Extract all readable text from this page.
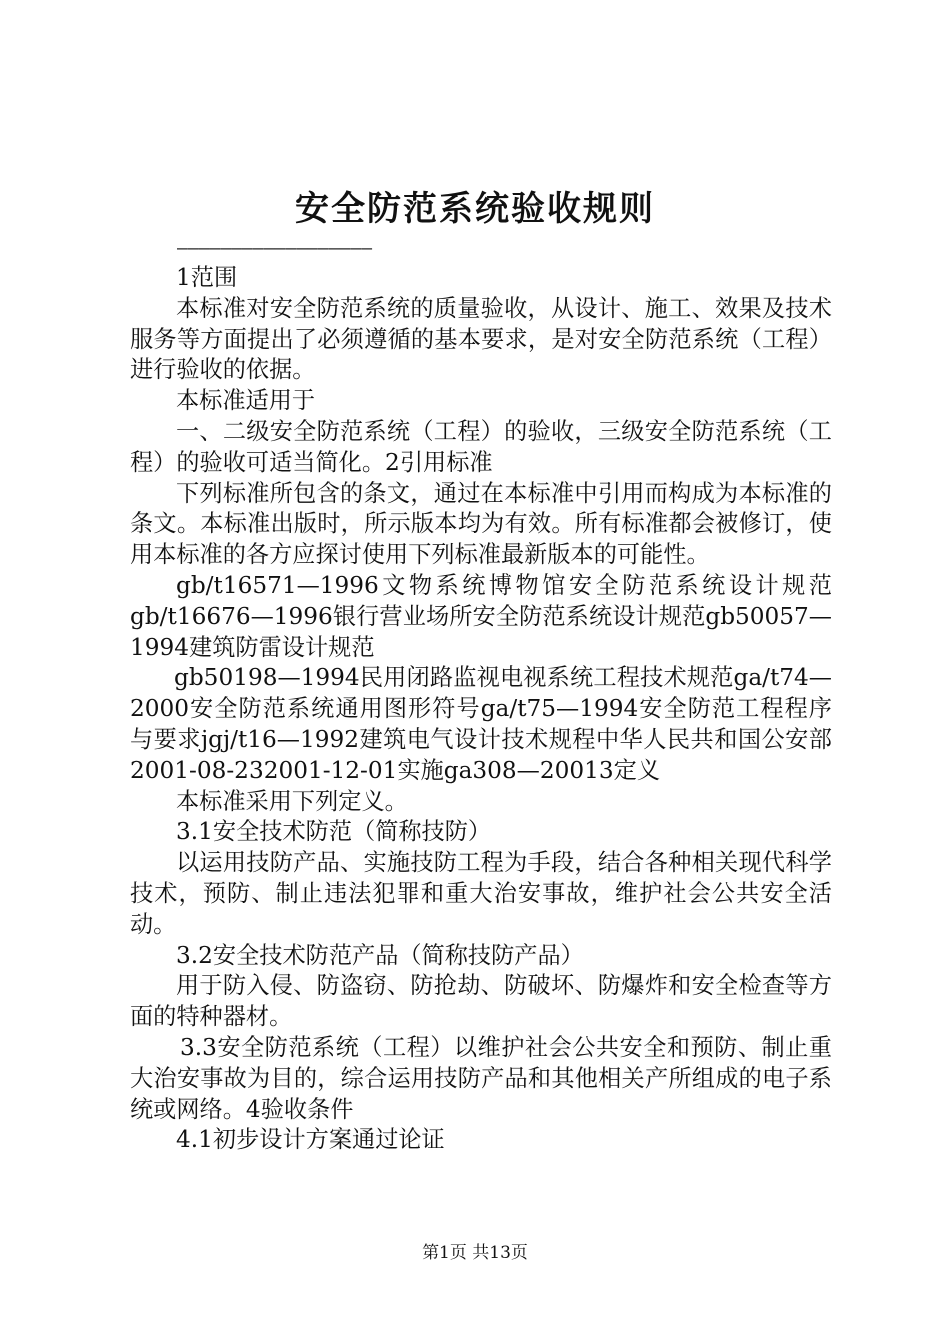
安全防范系统验收规则
——————————————————

1范围

本标准对安全防范系统的质量验收，从设计、施工、效果及技术服务等方面提出了必须遵循的基本要求，是对安全防范系统（工程）进行验收的依据。

本标准适用于

一、二级安全防范系统（工程）的验收，三级安全防范系统（工程）的验收可适当简化。2引用标准

下列标准所包含的条文，通过在本标准中引用而构成为本标准的条文。本标准出版时，所示版本均为有效。所有标准都会被修订，使用本标准的各方应探讨使用下列标准最新版本的可能性。

gb/t16571—1996文物系统博物馆安全防范系统设计规范gb/t16676—1996银行营业场所安全防范系统设计规范gb50057—1994建筑防雷设计规范

gb50198—1994民用闭路监视电视系统工程技术规范ga/t74—2000安全防范系统通用图形符号ga/t75—1994安全防范工程程序与要求jgj/t16—1992建筑电气设计技术规程中华人民共和国公安部2001-08-232001-12-01实施ga308—20013定义

本标准采用下列定义。

3.1安全技术防范（简称技防）

以运用技防产品、实施技防工程为手段，结合各种相关现代科学技术，预防、制止违法犯罪和重大治安事故，维护社会公共安全活动。

3.2安全技术防范产品（简称技防产品）

用于防入侵、防盗窃、防抢劫、防破坏、防爆炸和安全检查等方面的特种器材。

3.3安全防范系统（工程）以维护社会公共安全和预防、制止重大治安事故为目的，综合运用技防产品和其他相关产所组成的电子系统或网络。4验收条件

4.1初步设计方案通过论证

第1页 共13页
